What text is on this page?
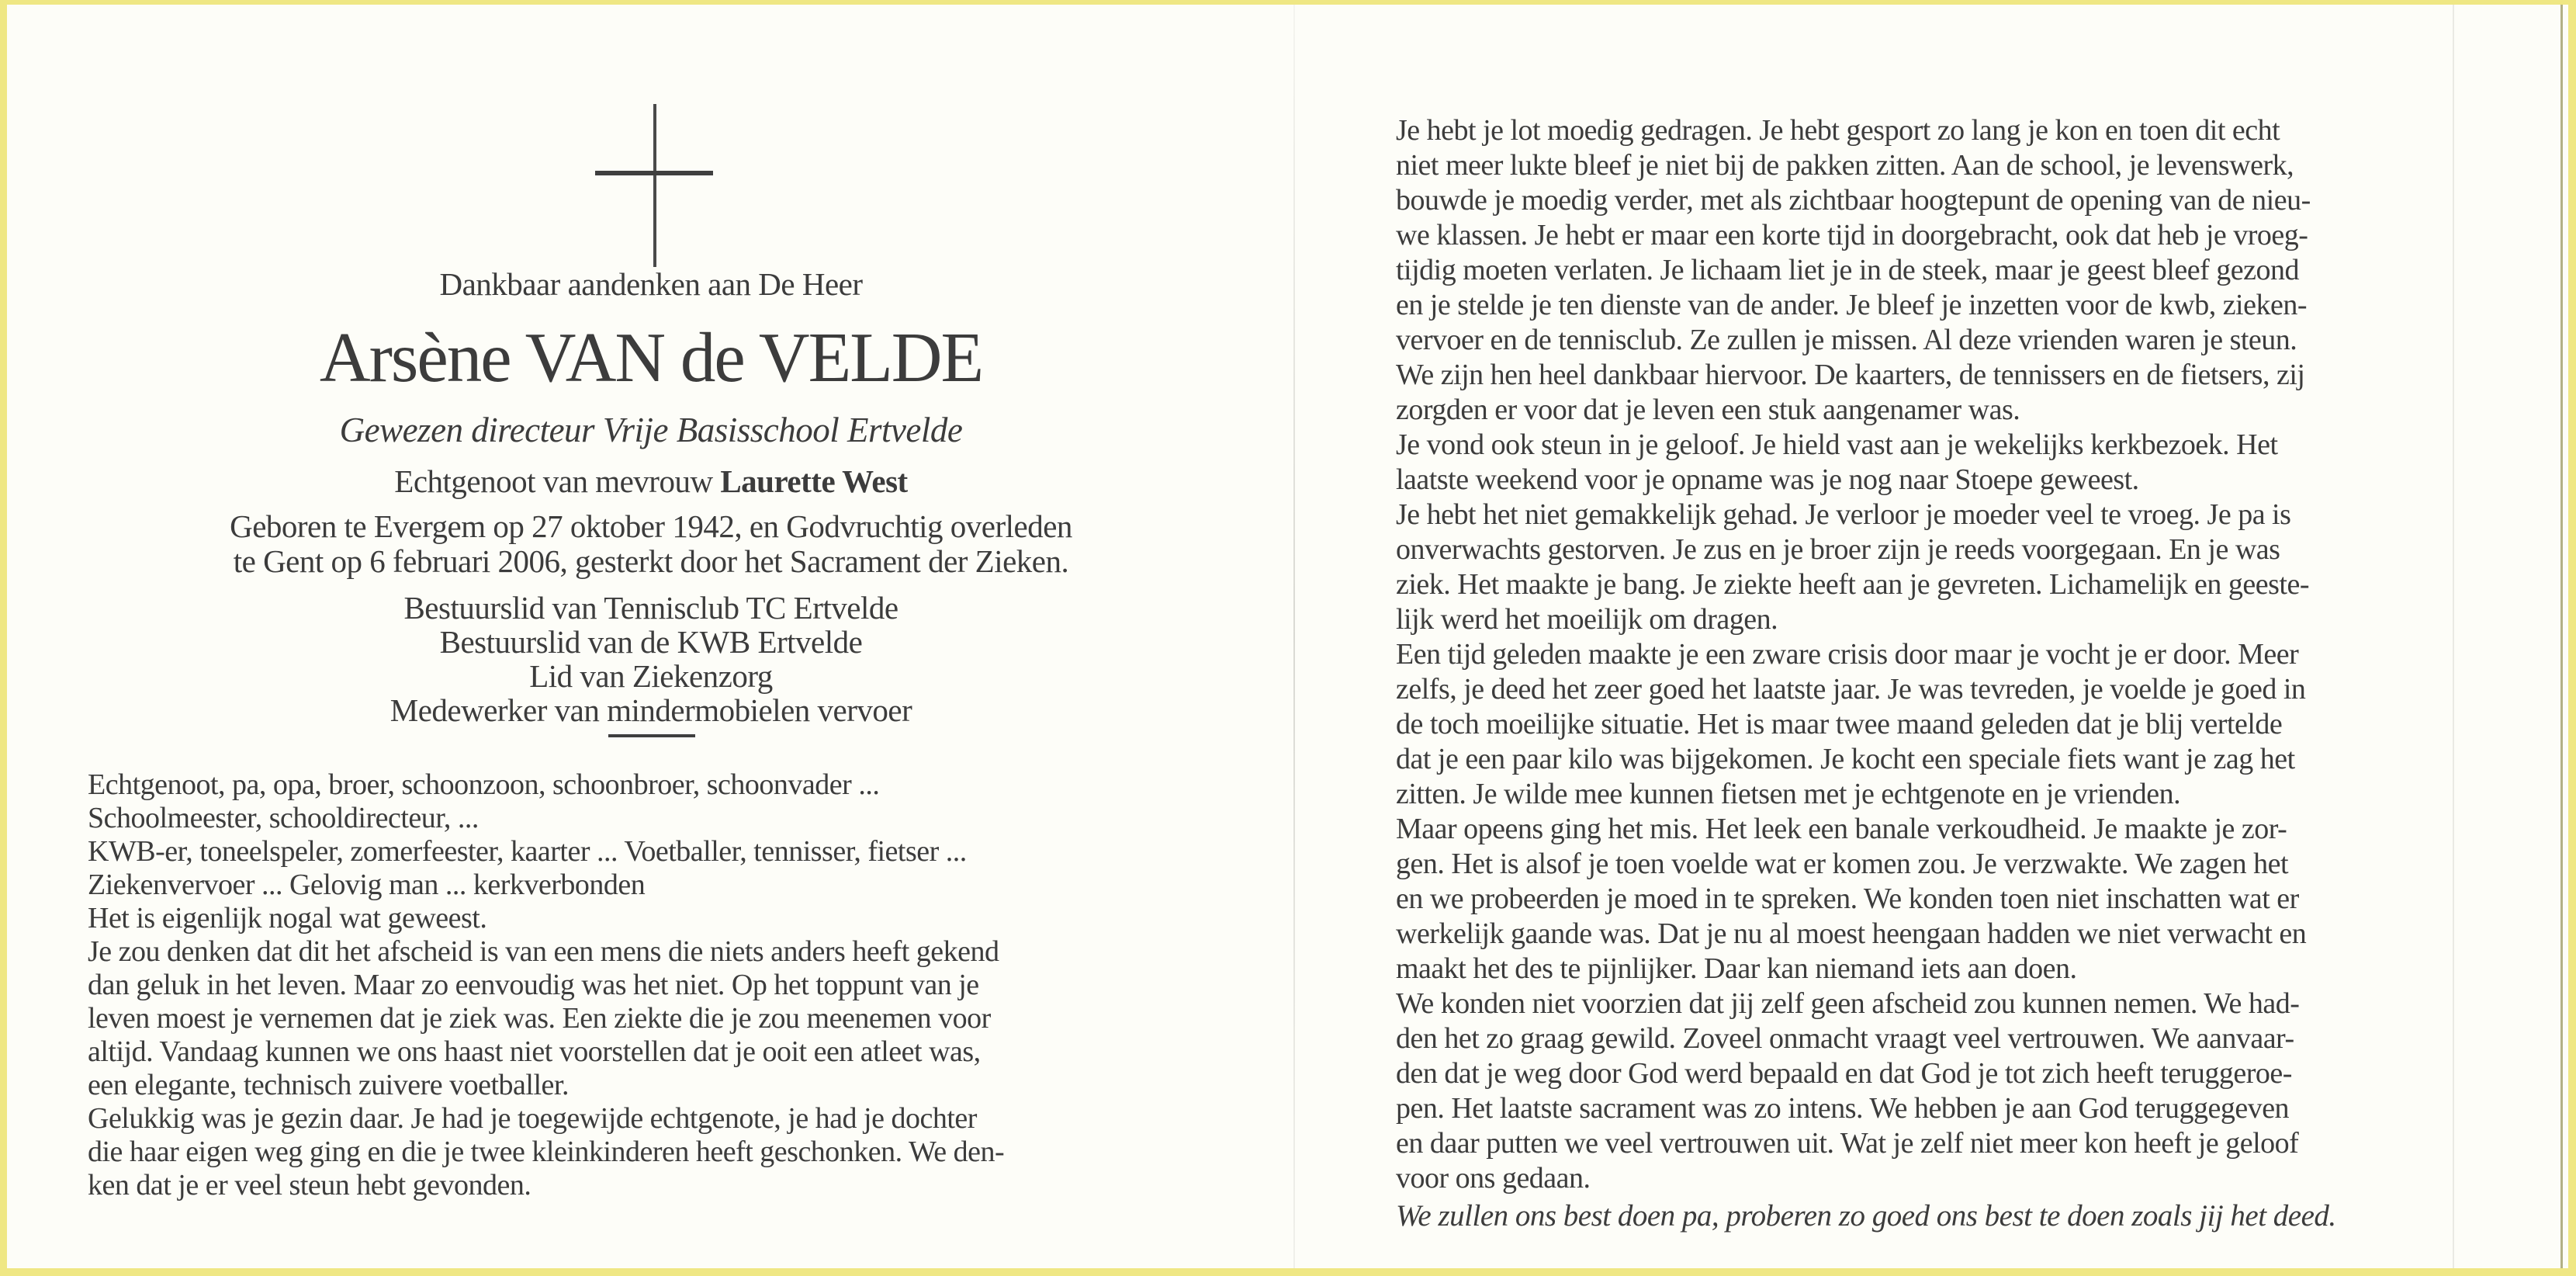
Dankbaar aandenken aan De Heer
Arsène VAN de VELDE
Gewezen directeur Vrije Basisschool Ertvelde
Echtgenoot van mevrouw Laurette West
Geboren te Evergem op 27 oktober 1942, en Godvruchtig overleden
te Gent op 6 februari 2006, gesterkt door het Sacrament der Zieken.
Bestuurslid van Tennisclub TC Ertvelde
Bestuurslid van de KWB Ertvelde
Lid van Ziekenzorg
Medewerker van mindermobielen vervoer
Echtgenoot, pa, opa, broer, schoonzoon, schoonbroer, schoonvader ...
Schoolmeester, schooldirecteur, ...
KWB-er, toneelspeler, zomerfeester, kaarter ... Voetballer, tennisser, fietser ...
Ziekenvervoer ... Gelovig man ... kerkverbonden
Het is eigenlijk nogal wat geweest.
Je zou denken dat dit het afscheid is van een mens die niets anders heeft gekend
dan geluk in het leven. Maar zo eenvoudig was het niet. Op het toppunt van je
leven moest je vernemen dat je ziek was. Een ziekte die je zou meenemen voor
altijd. Vandaag kunnen we ons haast niet voorstellen dat je ooit een atleet was,
een elegante, technisch zuivere voetballer.
Gelukkig was je gezin daar. Je had je toegewijde echtgenote, je had je dochter
die haar eigen weg ging en die je twee kleinkinderen heeft geschonken. We den-
ken dat je er veel steun hebt gevonden.
Je hebt je lot moedig gedragen. Je hebt gesport zo lang je kon en toen dit echt
niet meer lukte bleef je niet bij de pakken zitten. Aan de school, je levenswerk,
bouwde je moedig verder, met als zichtbaar hoogtepunt de opening van de nieu-
we klassen. Je hebt er maar een korte tijd in doorgebracht, ook dat heb je vroeg-
tijdig moeten verlaten. Je lichaam liet je in de steek, maar je geest bleef gezond
en je stelde je ten dienste van de ander. Je bleef je inzetten voor de kwb, zieken-
vervoer en de tennisclub. Ze zullen je missen. Al deze vrienden waren je steun.
We zijn hen heel dankbaar hiervoor. De kaarters, de tennissers en de fietsers, zij
zorgden er voor dat je leven een stuk aangenamer was.
Je vond ook steun in je geloof. Je hield vast aan je wekelijks kerkbezoek. Het
laatste weekend voor je opname was je nog naar Stoepe geweest.
Je hebt het niet gemakkelijk gehad. Je verloor je moeder veel te vroeg. Je pa is
onverwachts gestorven. Je zus en je broer zijn je reeds voorgegaan. En je was
ziek. Het maakte je bang. Je ziekte heeft aan je gevreten. Lichamelijk en geeste-
lijk werd het moeilijk om dragen.
Een tijd geleden maakte je een zware crisis door maar je vocht je er door. Meer
zelfs, je deed het zeer goed het laatste jaar. Je was tevreden, je voelde je goed in
de toch moeilijke situatie. Het is maar twee maand geleden dat je blij vertelde
dat je een paar kilo was bijgekomen. Je kocht een speciale fiets want je zag het
zitten. Je wilde mee kunnen fietsen met je echtgenote en je vrienden.
Maar opeens ging het mis. Het leek een banale verkoudheid. Je maakte je zor-
gen. Het is alsof je toen voelde wat er komen zou. Je verzwakte. We zagen het
en we probeerden je moed in te spreken. We konden toen niet inschatten wat er
werkelijk gaande was. Dat je nu al moest heengaan hadden we niet verwacht en
maakt het des te pijnlijker. Daar kan niemand iets aan doen.
We konden niet voorzien dat jij zelf geen afscheid zou kunnen nemen. We had-
den het zo graag gewild. Zoveel onmacht vraagt veel vertrouwen. We aanvaar-
den dat je weg door God werd bepaald en dat God je tot zich heeft teruggeroe-
pen. Het laatste sacrament was zo intens. We hebben je aan God teruggegeven
en daar putten we veel vertrouwen uit. Wat je zelf niet meer kon heeft je geloof
voor ons gedaan.
We zullen ons best doen pa, proberen zo goed ons best te doen zoals jij het deed.
